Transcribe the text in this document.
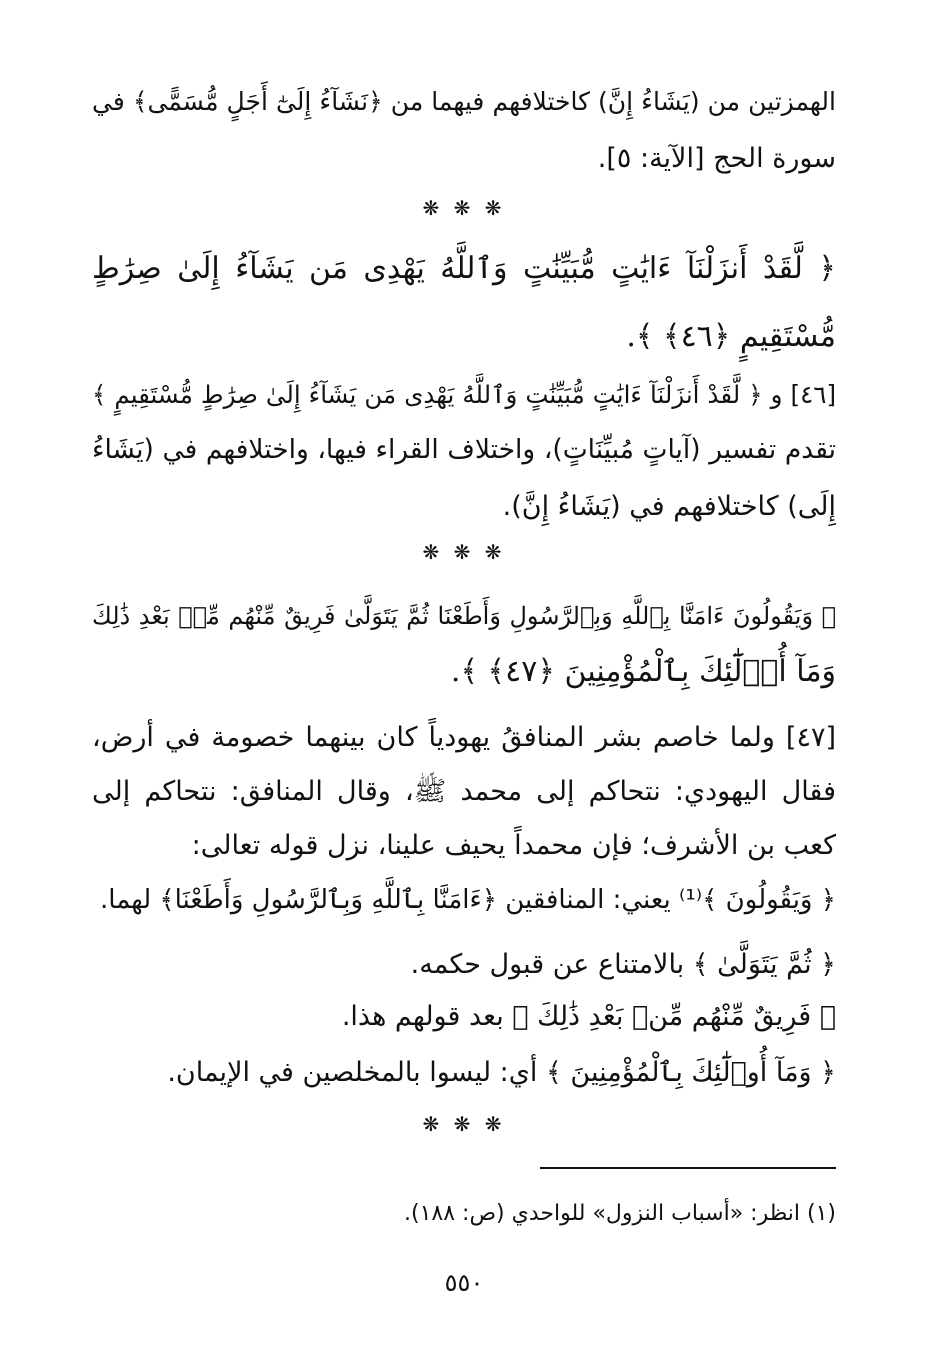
الهمزتين من (يَشَاءُ إِنَّ) كاختلافهم فيهما من ﴿نَشَآءُ إِلَىٰٓ أَجَلٍ مُّسَمًّى﴾ في
سورة الحج [الآية: ٥].
❋ ❋ ❋
﴿ لَّقَدْ أَنزَلْنَآ ءَايَٰتٍ مُّبَيِّنَٰتٍ وَٱللَّهُ يَهْدِى مَن يَشَآءُ إِلَىٰ صِرَٰطٍ
مُّسْتَقِيمٍ ﴿٤٦﴾ ﴾.
[٤٦] و ﴿ لَّقَدْ أَنزَلْنَآ ءَايَٰتٍ مُّبَيِّنَٰتٍ وَٱللَّهُ يَهْدِى مَن يَشَآءُ إِلَىٰ صِرَٰطٍ مُّسْتَقِيمٍ ﴾
تقدم تفسير (آياتٍ مُبيِّنَاتٍ)، واختلاف القراء فيها، واختلافهم في (يَشَاءُ
إِلَى) كاختلافهم في (يَشَاءُ إِنَّ).
❋ ❋ ❋
﴿ وَيَقُولُونَ ءَامَنَّا بِٱللَّهِ وَبِٱلرَّسُولِ وَأَطَعْنَا ثُمَّ يَتَوَلَّىٰ فَرِيقٌ مِّنْهُم مِّنۢ بَعْدِ ذَٰلِكَ
وَمَآ أُو۟لَٰٓئِكَ بِٱلْمُؤْمِنِينَ ﴿٤٧﴾ ﴾.
[٤٧] ولما خاصم بشر المنافقُ يهودياً كان بينهما خصومة في أرض،
فقال اليهودي: نتحاكم إلى محمد ﷺ، وقال المنافق: نتحاكم إلى
كعب بن الأشرف؛ فإن محمداً يحيف علينا، نزل قوله تعالى:
﴿ وَيَقُولُونَ ﴾⁽¹⁾ يعني: المنافقين ﴿ءَامَنَّا بِٱللَّهِ وَبِٱلرَّسُولِ وَأَطَعْنَا﴾ لهما.
﴿ ثُمَّ يَتَوَلَّىٰ ﴾ بالامتناع عن قبول حكمه.
﴿ فَرِيقٌ مِّنْهُم مِّنۢ بَعْدِ ذَٰلِكَ ﴾ بعد قولهم هذا.
﴿ وَمَآ أُو۟لَٰٓئِكَ بِٱلْمُؤْمِنِينَ ﴾ أي: ليسوا بالمخلصين في الإيمان.
❋ ❋ ❋
(١) انظر: «أسباب النزول» للواحدي (ص: ١٨٨).
٥٥٠
